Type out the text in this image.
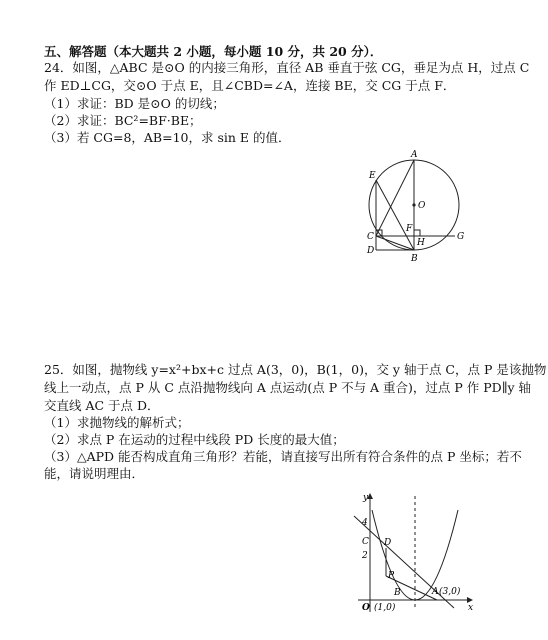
五、解答题（本大题共 2 小题，每小题 10 分，共 20 分）．
24．如图，△ABC 是⊙O 的内接三角形，直径 AB 垂直于弦 CG，垂足为点 H，过点 C
作 ED⊥CG，交⊙O 于点 E，且∠CBD=∠A，连接 BE，交 CG 于点 F．
（1）求证：BD 是⊙O 的切线；
（2）求证：BC²=BF·BE；
（3）若 CG=8，AB=10，求 sin E 的值．
A
B
C
D
E
F
G
H
O
25．如图，抛物线 y=x²+bx+c 过点 A(3，0)，B(1，0)，交 y 轴于点 C，点 P 是该抛物
线上一动点，点 P 从 C 点沿抛物线向 A 点运动(点 P 不与 A 重合)，过点 P 作 PD∥y 轴
交直线 AC 于点 D．
（1）求抛物线的解析式；
（2）求点 P 在运动的过程中线段 PD 长度的最大值；
（3）△APD 能否构成直角三角形？若能，请直接写出所有符合条件的点 P 坐标；若不
能，请说明理由．
y
x
O
4
2
C D
P
B
(1,0)
A (3,0)
